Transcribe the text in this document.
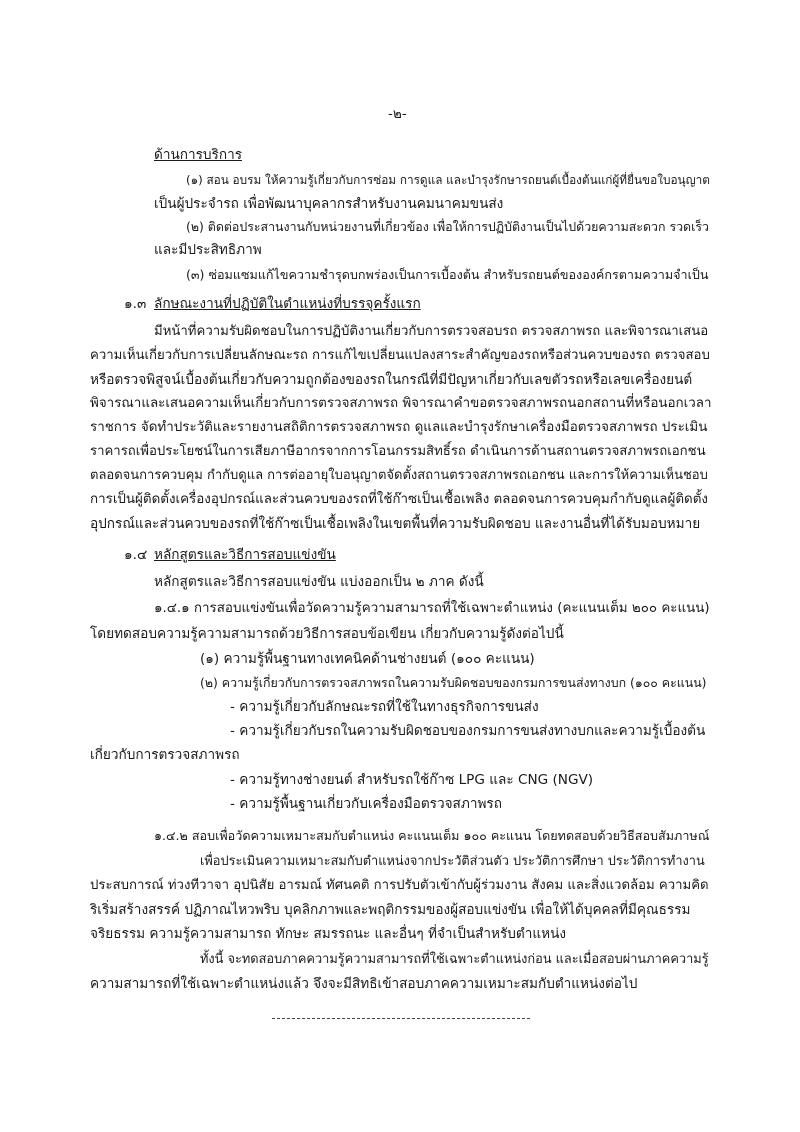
-๒-
ด้านการบริการ
(๑) สอน อบรม ให้ความรู้เกี่ยวกับการซ่อม การดูแล และบำรุงรักษารถยนต์เบื้องต้นแก่ผู้ที่ยื่นขอใบอนุญาต
เป็นผู้ประจำรถ เพื่อพัฒนาบุคลากรสำหรับงานคมนาคมขนส่ง
(๒) ติดต่อประสานงานกับหน่วยงานที่เกี่ยวข้อง เพื่อให้การปฏิบัติงานเป็นไปด้วยความสะดวก รวดเร็ว
และมีประสิทธิภาพ
(๓) ซ่อมแซมแก้ไขความชำรุดบกพร่องเป็นการเบื้องต้น สำหรับรถยนต์ขององค์กรตามความจำเป็น
๑.๓ ลักษณะงานที่ปฏิบัติในตำแหน่งที่บรรจุครั้งแรก
มีหน้าที่ความรับผิดชอบในการปฏิบัติงานเกี่ยวกับการตรวจสอบรถ ตรวจสภาพรถ และพิจารณาเสนอ
ความเห็นเกี่ยวกับการเปลี่ยนลักษณะรถ การแก้ไขเปลี่ยนแปลงสาระสำคัญของรถหรือส่วนควบของรถ ตรวจสอบ
หรือตรวจพิสูจน์เบื้องต้นเกี่ยวกับความถูกต้องของรถในกรณีที่มีปัญหาเกี่ยวกับเลขตัวรถหรือเลขเครื่องยนต์
พิจารณาและเสนอความเห็นเกี่ยวกับการตรวจสภาพรถ พิจารณาคำขอตรวจสภาพรถนอกสถานที่หรือนอกเวลา
ราชการ จัดทำประวัติและรายงานสถิติการตรวจสภาพรถ ดูแลและบำรุงรักษาเครื่องมือตรวจสภาพรถ ประเมิน
ราคารถเพื่อประโยชน์ในการเสียภาษีอากรจากการโอนกรรมสิทธิ์รถ ดำเนินการด้านสถานตรวจสภาพรถเอกชน
ตลอดจนการควบคุม กำกับดูแล การต่ออายุใบอนุญาตจัดตั้งสถานตรวจสภาพรถเอกชน และการให้ความเห็นชอบ
การเป็นผู้ติดตั้งเครื่องอุปกรณ์และส่วนควบของรถที่ใช้ก๊าซเป็นเชื้อเพลิง ตลอดจนการควบคุมกำกับดูแลผู้ติดตั้ง
อุปกรณ์และส่วนควบของรถที่ใช้ก๊าซเป็นเชื้อเพลิงในเขตพื้นที่ความรับผิดชอบ และงานอื่นที่ได้รับมอบหมาย
๑.๔ หลักสูตรและวิธีการสอบแข่งขัน
หลักสูตรและวิธีการสอบแข่งขัน แบ่งออกเป็น ๒ ภาค ดังนี้
๑.๔.๑ การสอบแข่งขันเพื่อวัดความรู้ความสามารถที่ใช้เฉพาะตำแหน่ง (คะแนนเต็ม ๒๐๐ คะแนน)
โดยทดสอบความรู้ความสามารถด้วยวิธีการสอบข้อเขียน เกี่ยวกับความรู้ดังต่อไปนี้
(๑) ความรู้พื้นฐานทางเทคนิคด้านช่างยนต์ (๑๐๐ คะแนน)
(๒) ความรู้เกี่ยวกับการตรวจสภาพรถในความรับผิดชอบของกรมการขนส่งทางบก (๑๐๐ คะแนน)
- ความรู้เกี่ยวกับลักษณะรถที่ใช้ในทางธุรกิจการขนส่ง
- ความรู้เกี่ยวกับรถในความรับผิดชอบของกรมการขนส่งทางบกและความรู้เบื้องต้น
เกี่ยวกับการตรวจสภาพรถ
- ความรู้ทางช่างยนต์ สำหรับรถใช้ก๊าซ LPG และ CNG (NGV)
- ความรู้พื้นฐานเกี่ยวกับเครื่องมือตรวจสภาพรถ
๑.๔.๒ สอบเพื่อวัดความเหมาะสมกับตำแหน่ง คะแนนเต็ม ๑๐๐ คะแนน โดยทดสอบด้วยวิธีสอบสัมภาษณ์
เพื่อประเมินความเหมาะสมกับตำแหน่งจากประวัติส่วนตัว ประวัติการศึกษา ประวัติการทำงาน
ประสบการณ์ ท่วงทีวาจา อุปนิสัย อารมณ์ ทัศนคติ การปรับตัวเข้ากับผู้ร่วมงาน สังคม และสิ่งแวดล้อม ความคิด
ริเริ่มสร้างสรรค์ ปฏิภาณไหวพริบ บุคลิกภาพและพฤติกรรมของผู้สอบแข่งขัน เพื่อให้ได้บุคคลที่มีคุณธรรม
จริยธรรม ความรู้ความสามารถ ทักษะ สมรรถนะ และอื่นๆ ที่จำเป็นสำหรับตำแหน่ง
ทั้งนี้ จะทดสอบภาคความรู้ความสามารถที่ใช้เฉพาะตำแหน่งก่อน และเมื่อสอบผ่านภาคความรู้
ความสามารถที่ใช้เฉพาะตำแหน่งแล้ว จึงจะมีสิทธิเข้าสอบภาคความเหมาะสมกับตำแหน่งต่อไป
